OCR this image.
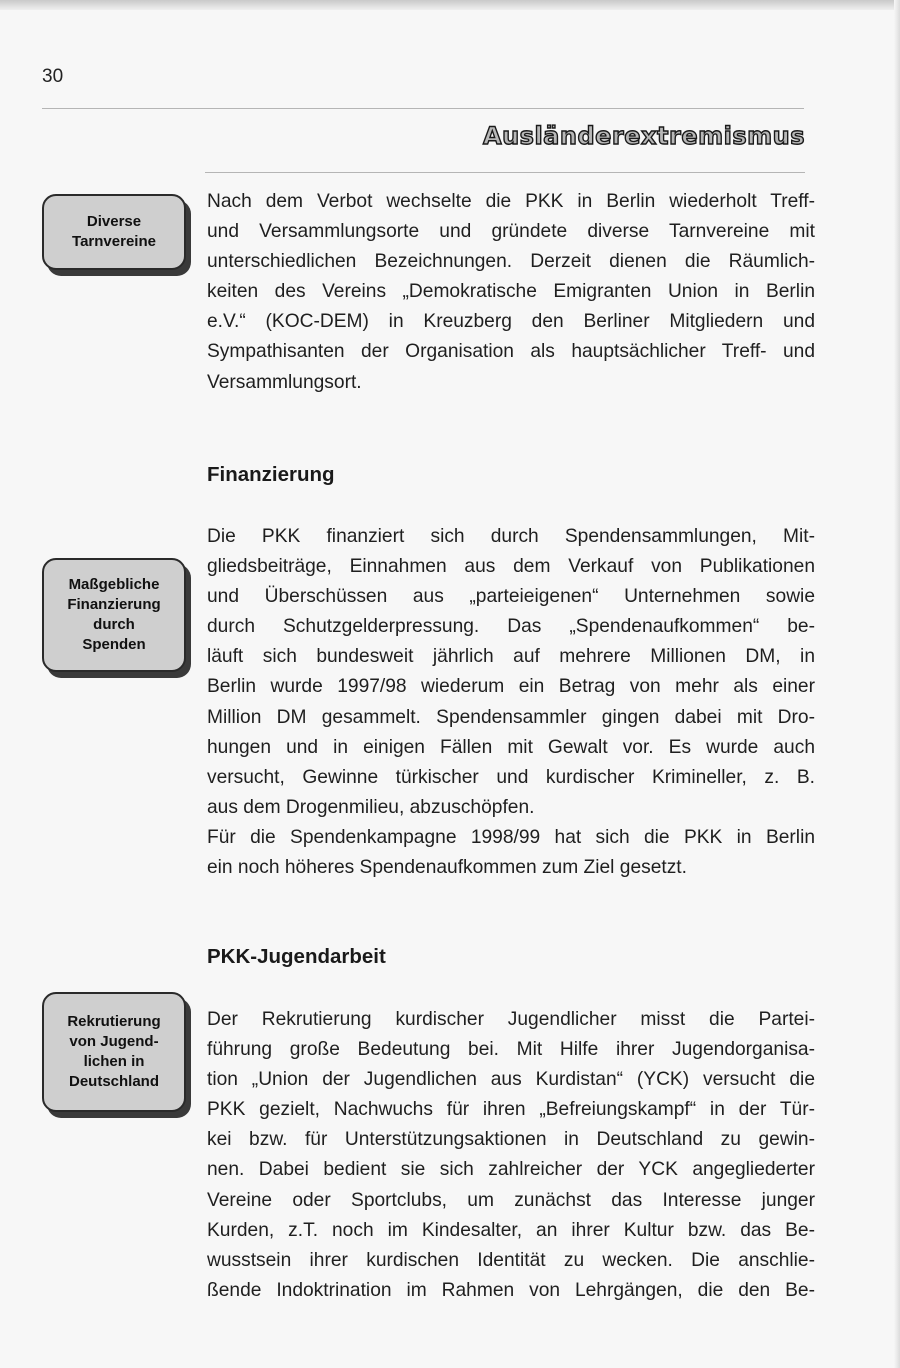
30
Ausländerextremismus
Diverse
Tarnvereine
Nach dem Verbot wechselte die PKK in Berlin wiederholt Treff-
und Versammlungsorte und gründete diverse Tarnvereine mit
unterschiedlichen Bezeichnungen. Derzeit dienen die Räumlich-
keiten des Vereins „Demokratische Emigranten Union in Berlin
e.V.“ (KOC-DEM) in Kreuzberg den Berliner Mitgliedern und
Sympathisanten der Organisation als hauptsächlicher Treff- und
Versammlungsort.
Finanzierung
Maßgebliche
Finanzierung
durch
Spenden
Die PKK finanziert sich durch Spendensammlungen, Mit-
gliedsbeiträge, Einnahmen aus dem Verkauf von Publikationen
und Überschüssen aus „parteieigenen“ Unternehmen sowie
durch Schutzgelderpressung. Das „Spendenaufkommen“ be-
läuft sich bundesweit jährlich auf mehrere Millionen DM, in
Berlin wurde 1997/98 wiederum ein Betrag von mehr als einer
Million DM gesammelt. Spendensammler gingen dabei mit Dro-
hungen und in einigen Fällen mit Gewalt vor. Es wurde auch
versucht, Gewinne türkischer und kurdischer Krimineller, z. B.
aus dem Drogenmilieu, abzuschöpfen.
Für die Spendenkampagne 1998/99 hat sich die PKK in Berlin
ein noch höheres Spendenaufkommen zum Ziel gesetzt.
PKK-Jugendarbeit
Rekrutierung
von Jugend-
lichen in
Deutschland
Der Rekrutierung kurdischer Jugendlicher misst die Partei-
führung große Bedeutung bei. Mit Hilfe ihrer Jugendorganisa-
tion „Union der Jugendlichen aus Kurdistan“ (YCK) versucht die
PKK gezielt, Nachwuchs für ihren „Befreiungskampf“ in der Tür-
kei bzw. für Unterstützungsaktionen in Deutschland zu gewin-
nen. Dabei bedient sie sich zahlreicher der YCK angegliederter
Vereine oder Sportclubs, um zunächst das Interesse junger
Kurden, z.T. noch im Kindesalter, an ihrer Kultur bzw. das Be-
wusstsein ihrer kurdischen Identität zu wecken. Die anschlie-
ßende Indoktrination im Rahmen von Lehrgängen, die den Be-
